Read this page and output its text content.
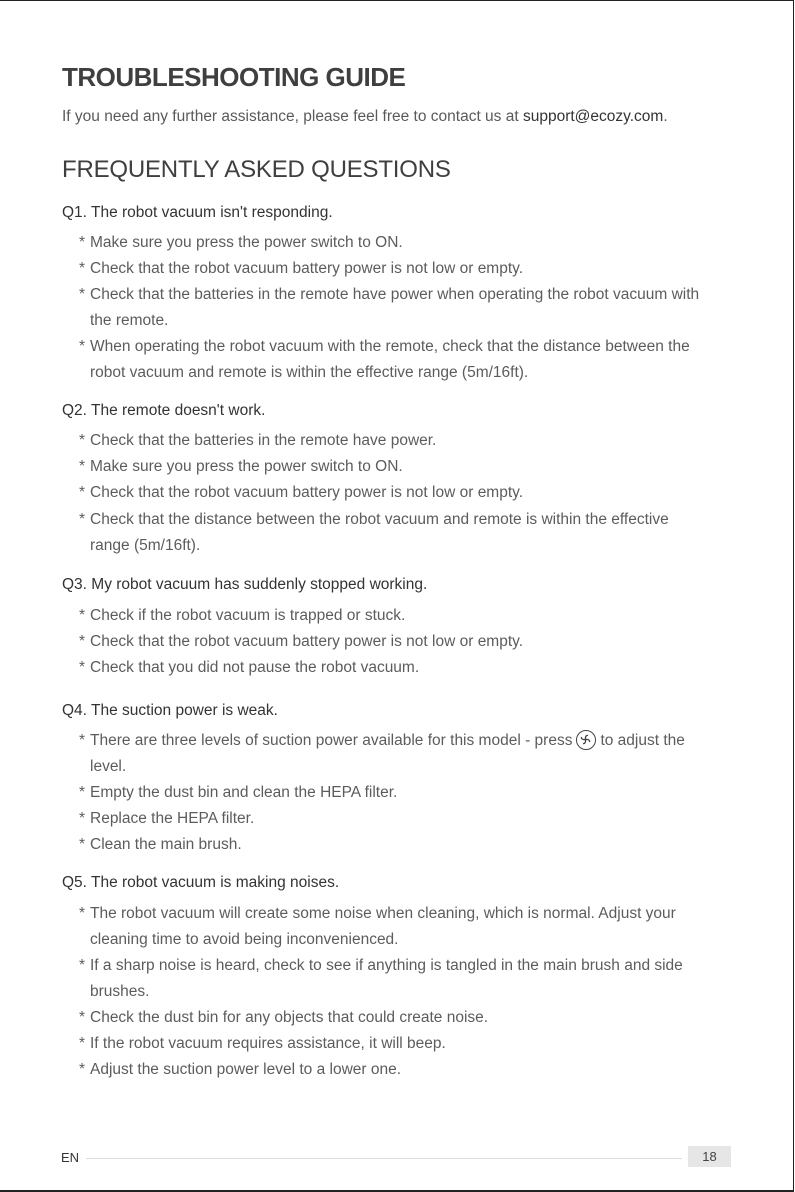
TROUBLESHOOTING GUIDE
If you need any further assistance, please feel free to contact us at support@ecozy.com.
FREQUENTLY ASKED QUESTIONS
Q1. The robot vacuum isn't responding.
* Make sure you press the power switch to ON.
* Check that the robot vacuum battery power is not low or empty.
* Check that the batteries in the remote have power when operating the robot vacuum with
the remote.
* When operating the robot vacuum with the remote, check that the distance between the
robot vacuum and remote is within the effective range (5m/16ft).
Q2. The remote doesn't work.
* Check that the batteries in the remote have power.
* Make sure you press the power switch to ON.
* Check that the robot vacuum battery power is not low or empty.
* Check that the distance between the robot vacuum and remote is within the effective
range (5m/16ft).
Q3. My robot vacuum has suddenly stopped working.
* Check if the robot vacuum is trapped or stuck.
* Check that the robot vacuum battery power is not low or empty.
* Check that you did not pause the robot vacuum.
Q4. The suction power is weak.
* There are three levels of suction power available for this model - press to adjust the
level.
* Empty the dust bin and clean the HEPA filter.
* Replace the HEPA filter.
* Clean the main brush.
Q5. The robot vacuum is making noises.
* The robot vacuum will create some noise when cleaning, which is normal. Adjust your
cleaning time to avoid being inconvenienced.
* If a sharp noise is heard, check to see if anything is tangled in the main brush and side
brushes.
* Check the dust bin for any objects that could create noise.
* If the robot vacuum requires assistance, it will beep.
* Adjust the suction power level to a lower one.
EN	18
